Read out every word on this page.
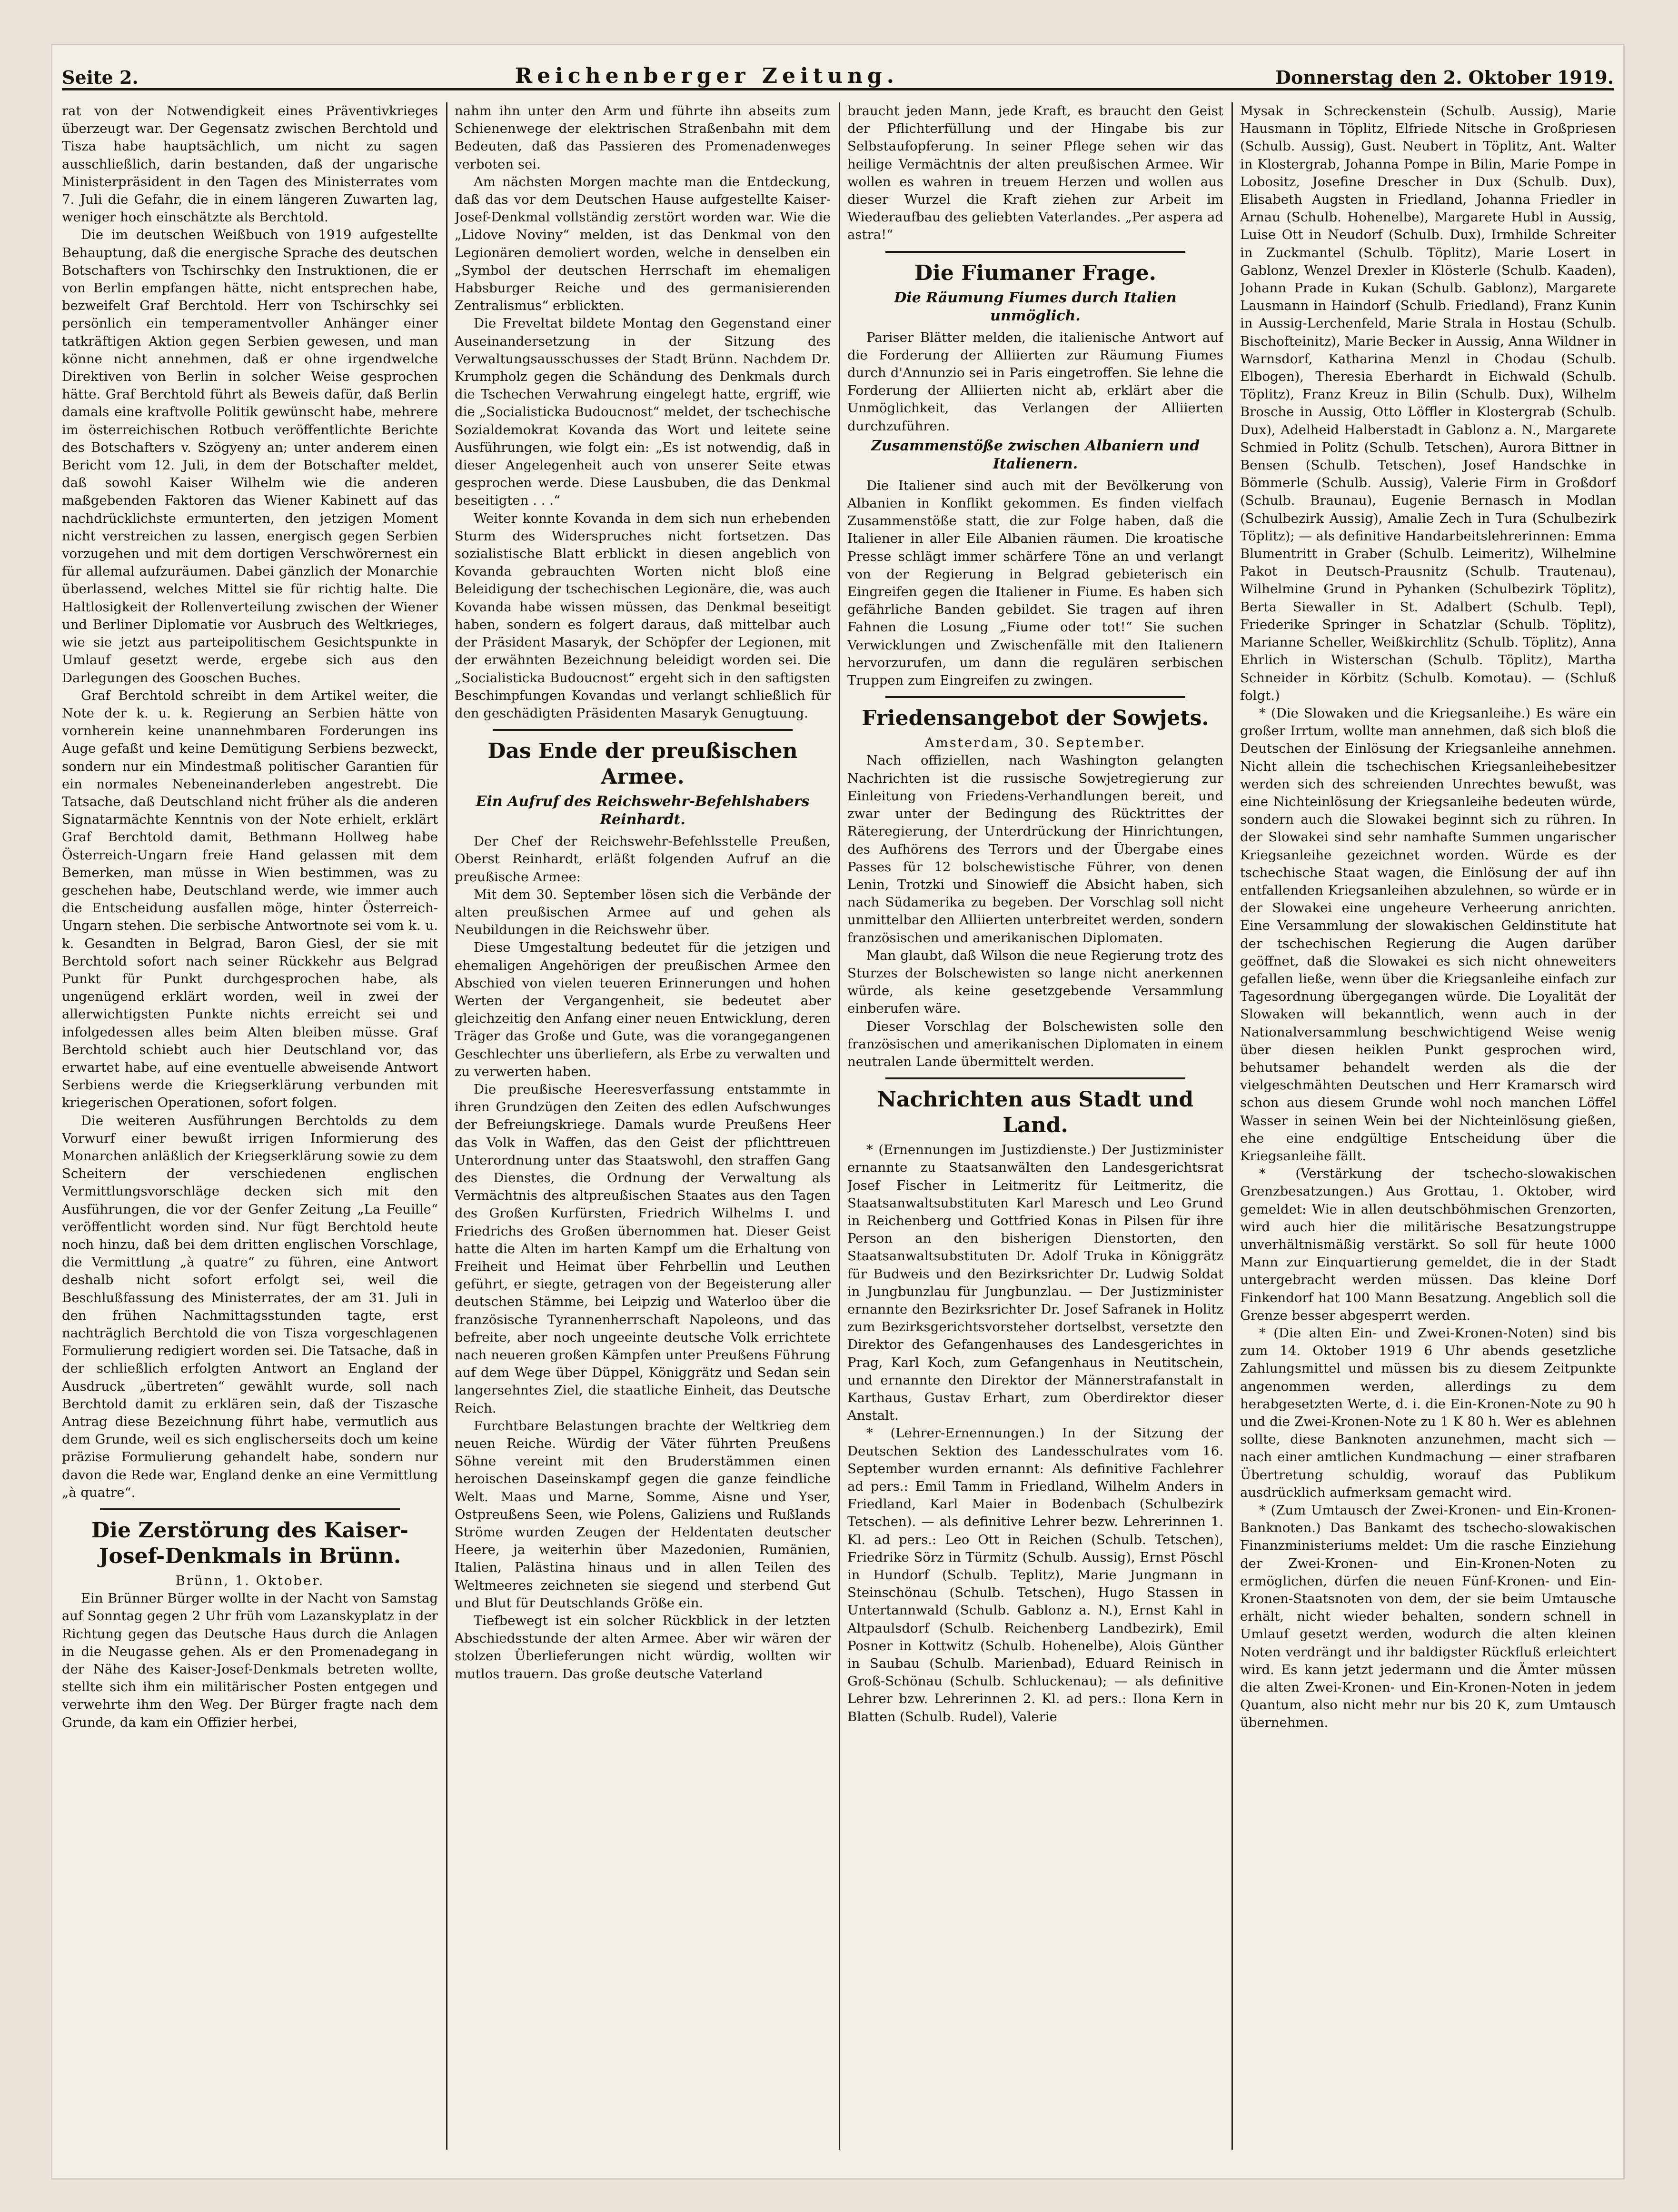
Seite 2.	Reichenberger Zeitung.	Donnerstag den 2. Oktober 1919.

rat von der Notwendigkeit eines Präventivkrieges überzeugt war. Der Gegensatz zwischen Berchtold und Tisza habe hauptsächlich, um nicht zu sagen ausschließlich, darin bestanden, daß der ungarische Ministerpräsident in den Tagen des Ministerrates vom 7. Juli die Gefahr, die in einem längeren Zuwarten lag, weniger hoch einschätzte als Berchtold.

Die im deutschen Weißbuch von 1919 aufgestellte Behauptung, daß die energische Sprache des deutschen Botschafters von Tschirschky den Instruktionen, die er von Berlin empfangen hätte, nicht entsprechen habe, bezweifelt Graf Berchtold. Herr von Tschirschky sei persönlich ein temperamentvoller Anhänger einer tatkräftigen Aktion gegen Serbien gewesen, und man könne nicht annehmen, daß er ohne irgendwelche Direktiven von Berlin in solcher Weise gesprochen hätte. Graf Berchtold führt als Beweis dafür, daß Berlin damals eine kraftvolle Politik gewünscht habe, mehrere im österreichischen Rotbuch veröffentlichte Berichte des Botschafters v. Szögyeny an; unter anderem einen Bericht vom 12. Juli, in dem der Botschafter meldet, daß sowohl Kaiser Wilhelm wie die anderen maßgebenden Faktoren das Wiener Kabinett auf das nachdrücklichste ermunterten, den jetzigen Moment nicht verstreichen zu lassen, energisch gegen Serbien vorzugehen und mit dem dortigen Verschwörernest ein für allemal aufzuräumen. Dabei gänzlich der Monarchie überlassend, welches Mittel sie für richtig halte. Die Haltlosigkeit der Rollenverteilung zwischen der Wiener und Berliner Diplomatie vor Ausbruch des Weltkrieges, wie sie jetzt aus parteipolitischem Gesichtspunkte in Umlauf gesetzt werde, ergebe sich aus den Darlegungen des Gooschen Buches.

Graf Berchtold schreibt in dem Artikel weiter, die Note der k. u. k. Regierung an Serbien hätte von vornherein keine unannehmbaren Forderungen ins Auge gefaßt und keine Demütigung Serbiens bezweckt, sondern nur ein Mindestmaß politischer Garantien für ein normales Nebeneinanderleben angestrebt. Die Tatsache, daß Deutschland nicht früher als die anderen Signatarmächte Kenntnis von der Note erhielt, erklärt Graf Berchtold damit, Bethmann Hollweg habe Österreich-Ungarn freie Hand gelassen mit dem Bemerken, man müsse in Wien bestimmen, was zu geschehen habe, Deutschland werde, wie immer auch die Entscheidung ausfallen möge, hinter Österreich-Ungarn stehen. Die serbische Antwortnote sei vom k. u. k. Gesandten in Belgrad, Baron Giesl, der sie mit Berchtold sofort nach seiner Rückkehr aus Belgrad Punkt für Punkt durchgesprochen habe, als ungenügend erklärt worden, weil in zwei der allerwichtigsten Punkte nichts erreicht sei und infolgedessen alles beim Alten bleiben müsse. Graf Berchtold schiebt auch hier Deutschland vor, das erwartet habe, auf eine eventuelle abweisende Antwort Serbiens werde die Kriegserklärung verbunden mit kriegerischen Operationen, sofort folgen.

Die weiteren Ausführungen Berchtolds zu dem Vorwurf einer bewußt irrigen Informierung des Monarchen anläßlich der Kriegserklärung sowie zu dem Scheitern der verschiedenen englischen Vermittlungsvorschläge decken sich mit den Ausführungen, die vor der Genfer Zeitung „La Feuille“ veröffentlicht worden sind. Nur fügt Berchtold heute noch hinzu, daß bei dem dritten englischen Vorschlage, die Vermittlung „à quatre“ zu führen, eine Antwort deshalb nicht sofort erfolgt sei, weil die Beschlußfassung des Ministerrates, der am 31. Juli in den frühen Nachmittagsstunden tagte, erst nachträglich Berchtold die von Tisza vorgeschlagenen Formulierung redigiert worden sei. Die Tatsache, daß in der schließlich erfolgten Antwort an England der Ausdruck „übertreten“ gewählt wurde, soll nach Berchtold damit zu erklären sein, daß der Tiszasche Antrag diese Bezeichnung führt habe, vermutlich aus dem Grunde, weil es sich englischerseits doch um keine präzise Formulierung gehandelt habe, sondern nur davon die Rede war, England denke an eine Vermittlung „à quatre“.

Die Zerstörung des Kaiser-Josef-Denkmals in Brünn.

Brünn, 1. Oktober.

Ein Brünner Bürger wollte in der Nacht von Samstag auf Sonntag gegen 2 Uhr früh vom Lazanskyplatz in der Richtung gegen das Deutsche Haus durch die Anlagen in die Neugasse gehen. Als er den Promenadegang in der Nähe des Kaiser-Josef-Denkmals betreten wollte, stellte sich ihm ein militärischer Posten entgegen und verwehrte ihm den Weg. Der Bürger fragte nach dem Grunde, da kam ein Offizier herbei,

nahm ihn unter den Arm und führte ihn abseits zum Schienenwege der elektrischen Straßenbahn mit dem Bedeuten, daß das Passieren des Promenadenweges verboten sei.

Am nächsten Morgen machte man die Entdeckung, daß das vor dem Deutschen Hause aufgestellte Kaiser-Josef-Denkmal vollständig zerstört worden war. Wie die „Lidove Noviny“ melden, ist das Denkmal von den Legionären demoliert worden, welche in denselben ein „Symbol der deutschen Herrschaft im ehemaligen Habsburger Reiche und des germanisierenden Zentralismus“ erblickten.

Die Freveltat bildete Montag den Gegenstand einer Auseinandersetzung in der Sitzung des Verwaltungsausschusses der Stadt Brünn. Nachdem Dr. Krumpholz gegen die Schändung des Denkmals durch die Tschechen Verwahrung eingelegt hatte, ergriff, wie die „Socialisticka Budoucnost“ meldet, der tschechische Sozialdemokrat Kovanda das Wort und leitete seine Ausführungen, wie folgt ein: „Es ist notwendig, daß in dieser Angelegenheit auch von unserer Seite etwas gesprochen werde. Diese Lausbuben, die das Denkmal beseitigten . . .“

Weiter konnte Kovanda in dem sich nun erhebenden Sturm des Widerspruches nicht fortsetzen. Das sozialistische Blatt erblickt in diesen angeblich von Kovanda gebrauchten Worten nicht bloß eine Beleidigung der tschechischen Legionäre, die, was auch Kovanda habe wissen müssen, das Denkmal beseitigt haben, sondern es folgert daraus, daß mittelbar auch der Präsident Masaryk, der Schöpfer der Legionen, mit der erwähnten Bezeichnung beleidigt worden sei. Die „Socialisticka Budoucnost“ ergeht sich in den saftigsten Beschimpfungen Kovandas und verlangt schließlich für den geschädigten Präsidenten Masaryk Genugtuung.

Das Ende der preußischen Armee.
Ein Aufruf des Reichswehr-Befehlshabers Reinhardt.

Der Chef der Reichswehr-Befehlsstelle Preußen, Oberst Reinhardt, erläßt folgenden Aufruf an die preußische Armee:

Mit dem 30. September lösen sich die Verbände der alten preußischen Armee auf und gehen als Neubildungen in die Reichswehr über.

Diese Umgestaltung bedeutet für die jetzigen und ehemaligen Angehörigen der preußischen Armee den Abschied von vielen teueren Erinnerungen und hohen Werten der Vergangenheit, sie bedeutet aber gleichzeitig den Anfang einer neuen Entwicklung, deren Träger das Große und Gute, was die vorangegangenen Geschlechter uns überliefern, als Erbe zu verwalten und zu verwerten haben.

Die preußische Heeresverfassung entstammte in ihren Grundzügen den Zeiten des edlen Aufschwunges der Befreiungskriege. Damals wurde Preußens Heer das Volk in Waffen, das den Geist der pflichttreuen Unterordnung unter das Staatswohl, den straffen Gang des Dienstes, die Ordnung der Verwaltung als Vermächtnis des altpreußischen Staates aus den Tagen des Großen Kurfürsten, Friedrich Wilhelms I. und Friedrichs des Großen übernommen hat. Dieser Geist hatte die Alten im harten Kampf um die Erhaltung von Freiheit und Heimat über Fehrbellin und Leuthen geführt, er siegte, getragen von der Begeisterung aller deutschen Stämme, bei Leipzig und Waterloo über die französische Tyrannenherrschaft Napoleons, und das befreite, aber noch ungeeinte deutsche Volk errichtete nach neueren großen Kämpfen unter Preußens Führung auf dem Wege über Düppel, Königgrätz und Sedan sein langersehntes Ziel, die staatliche Einheit, das Deutsche Reich.

Furchtbare Belastungen brachte der Weltkrieg dem neuen Reiche. Würdig der Väter führten Preußens Söhne vereint mit den Bruderstämmen einen heroischen Daseinskampf gegen die ganze feindliche Welt. Maas und Marne, Somme, Aisne und Yser, Ostpreußens Seen, wie Polens, Galiziens und Rußlands Ströme wurden Zeugen der Heldentaten deutscher Heere, ja weiterhin über Mazedonien, Rumänien, Italien, Palästina hinaus und in allen Teilen des Weltmeeres zeichneten sie siegend und sterbend Gut und Blut für Deutschlands Größe ein.

Tiefbewegt ist ein solcher Rückblick in der letzten Abschiedsstunde der alten Armee. Aber wir wären der stolzen Überlieferungen nicht würdig, wollten wir mutlos trauern. Das große deutsche Vaterland

braucht jeden Mann, jede Kraft, es braucht den Geist der Pflichterfüllung und der Hingabe bis zur Selbstaufopferung. In seiner Pflege sehen wir das heilige Vermächtnis der alten preußischen Armee. Wir wollen es wahren in treuem Herzen und wollen aus dieser Wurzel die Kraft ziehen zur Arbeit im Wiederaufbau des geliebten Vaterlandes. „Per aspera ad astra!“

Die Fiumaner Frage.
Die Räumung Fiumes durch Italien unmöglich.

Pariser Blätter melden, die italienische Antwort auf die Forderung der Alliierten zur Räumung Fiumes durch d'Annunzio sei in Paris eingetroffen. Sie lehne die Forderung der Alliierten nicht ab, erklärt aber die Unmöglichkeit, das Verlangen der Alliierten durchzuführen.

Zusammenstöße zwischen Albaniern und Italienern.

Die Italiener sind auch mit der Bevölkerung von Albanien in Konflikt gekommen. Es finden vielfach Zusammenstöße statt, die zur Folge haben, daß die Italiener in aller Eile Albanien räumen. Die kroatische Presse schlägt immer schärfere Töne an und verlangt von der Regierung in Belgrad gebieterisch ein Eingreifen gegen die Italiener in Fiume. Es haben sich gefährliche Banden gebildet. Sie tragen auf ihren Fahnen die Losung „Fiume oder tot!“ Sie suchen Verwicklungen und Zwischenfälle mit den Italienern hervorzurufen, um dann die regulären serbischen Truppen zum Eingreifen zu zwingen.

Friedensangebot der Sowjets.

Amsterdam, 30. September.

Nach offiziellen, nach Washington gelangten Nachrichten ist die russische Sowjetregierung zur Einleitung von Friedens-Verhandlungen bereit, und zwar unter der Bedingung des Rücktrittes der Räteregierung, der Unterdrückung der Hinrichtungen, des Aufhörens des Terrors und der Übergabe eines Passes für 12 bolschewistische Führer, von denen Lenin, Trotzki und Sinowieff die Absicht haben, sich nach Südamerika zu begeben. Der Vorschlag soll nicht unmittelbar den Alliierten unterbreitet werden, sondern französischen und amerikanischen Diplomaten.

Man glaubt, daß Wilson die neue Regierung trotz des Sturzes der Bolschewisten so lange nicht anerkennen würde, als keine gesetzgebende Versammlung einberufen wäre.

Dieser Vorschlag der Bolschewisten solle den französischen und amerikanischen Diplomaten in einem neutralen Lande übermittelt werden.

Nachrichten aus Stadt und Land.

* (Ernennungen im Justizdienste.) Der Justizminister ernannte zu Staatsanwälten den Landesgerichtsrat Josef Fischer in Leitmeritz für Leitmeritz, die Staatsanwaltsubstituten Karl Maresch und Leo Grund in Reichenberg und Gottfried Konas in Pilsen für ihre Person an den bisherigen Dienstorten, den Staatsanwaltsubstituten Dr. Adolf Truka in Königgrätz für Budweis und den Bezirksrichter Dr. Ludwig Soldat in Jungbunzlau für Jungbunzlau. — Der Justizminister ernannte den Bezirksrichter Dr. Josef Safranek in Holitz zum Bezirksgerichtsvorsteher dortselbst, versetzte den Direktor des Gefangenhauses des Landesgerichtes in Prag, Karl Koch, zum Gefangenhaus in Neutitschein, und ernannte den Direktor der Männerstrafanstalt in Karthaus, Gustav Erhart, zum Oberdirektor dieser Anstalt.

* (Lehrer-Ernennungen.) In der Sitzung der Deutschen Sektion des Landesschulrates vom 16. September wurden ernannt: Als definitive Fachlehrer ad pers.: Emil Tamm in Friedland, Wilhelm Anders in Friedland, Karl Maier in Bodenbach (Schulbezirk Tetschen). — als definitive Lehrer bezw. Lehrerinnen 1. Kl. ad pers.: Leo Ott in Reichen (Schulb. Tetschen), Friedrike Sörz in Türmitz (Schulb. Aussig), Ernst Pöschl in Hundorf (Schulb. Teplitz), Marie Jungmann in Steinschönau (Schulb. Tetschen), Hugo Stassen in Untertannwald (Schulb. Gablonz a. N.), Ernst Kahl in Altpaulsdorf (Schulb. Reichenberg Landbezirk), Emil Posner in Kottwitz (Schulb. Hohenelbe), Alois Günther in Saubau (Schulb. Marienbad), Eduard Reinisch in Groß-Schönau (Schulb. Schluckenau); — als definitive Lehrer bzw. Lehrerinnen 2. Kl. ad pers.: Ilona Kern in Blatten (Schulb. Rudel), Valerie

Mysak in Schreckenstein (Schulb. Aussig), Marie Hausmann in Töplitz, Elfriede Nitsche in Großpriesen (Schulb. Aussig), Gust. Neubert in Töplitz, Ant. Walter in Klostergrab, Johanna Pompe in Bilin, Marie Pompe in Lobositz, Josefine Drescher in Dux (Schulb. Dux), Elisabeth Augsten in Friedland, Johanna Friedler in Arnau (Schulb. Hohenelbe), Margarete Hubl in Aussig, Luise Ott in Neudorf (Schulb. Dux), Irmhilde Schreiter in Zuckmantel (Schulb. Töplitz), Marie Losert in Gablonz, Wenzel Drexler in Klösterle (Schulb. Kaaden), Johann Prade in Kukan (Schulb. Gablonz), Margarete Lausmann in Haindorf (Schulb. Friedland), Franz Kunin in Aussig-Lerchenfeld, Marie Strala in Hostau (Schulb. Bischofteinitz), Marie Becker in Aussig, Anna Wildner in Warnsdorf, Katharina Menzl in Chodau (Schulb. Elbogen), Theresia Eberhardt in Eichwald (Schulb. Töplitz), Franz Kreuz in Bilin (Schulb. Dux), Wilhelm Brosche in Aussig, Otto Löffler in Klostergrab (Schulb. Dux), Adelheid Halberstadt in Gablonz a. N., Margarete Schmied in Politz (Schulb. Tetschen), Aurora Bittner in Bensen (Schulb. Tetschen), Josef Handschke in Bömmerle (Schulb. Aussig), Valerie Firm in Großdorf (Schulb. Braunau), Eugenie Bernasch in Modlan (Schulbezirk Aussig), Amalie Zech in Tura (Schulbezirk Töplitz); — als definitive Handarbeitslehrerinnen: Emma Blumentritt in Graber (Schulb. Leimeritz), Wilhelmine Pakot in Deutsch-Prausnitz (Schulb. Trautenau), Wilhelmine Grund in Pyhanken (Schulbezirk Töplitz), Berta Siewaller in St. Adalbert (Schulb. Tepl), Friederike Springer in Schatzlar (Schulb. Töplitz), Marianne Scheller, Weißkirchlitz (Schulb. Töplitz), Anna Ehrlich in Wisterschan (Schulb. Töplitz), Martha Schneider in Körbitz (Schulb. Komotau). — (Schluß folgt.)

* (Die Slowaken und die Kriegsanleihe.) Es wäre ein großer Irrtum, wollte man annehmen, daß sich bloß die Deutschen der Einlösung der Kriegsanleihe annehmen. Nicht allein die tschechischen Kriegsanleihebesitzer werden sich des schreienden Unrechtes bewußt, was eine Nichteinlösung der Kriegsanleihe bedeuten würde, sondern auch die Slowakei beginnt sich zu rühren. In der Slowakei sind sehr namhafte Summen ungarischer Kriegsanleihe gezeichnet worden. Würde es der tschechische Staat wagen, die Einlösung der auf ihn entfallenden Kriegsanleihen abzulehnen, so würde er in der Slowakei eine ungeheure Verheerung anrichten. Eine Versammlung der slowakischen Geldinstitute hat der tschechischen Regierung die Augen darüber geöffnet, daß die Slowakei es sich nicht ohneweiters gefallen ließe, wenn über die Kriegsanleihe einfach zur Tagesordnung übergegangen würde. Die Loyalität der Slowaken will bekanntlich, wenn auch in der Nationalversammlung beschwichtigend Weise wenig über diesen heiklen Punkt gesprochen wird, behutsamer behandelt werden als die der vielgeschmähten Deutschen und Herr Kramarsch wird schon aus diesem Grunde wohl noch manchen Löffel Wasser in seinen Wein bei der Nichteinlösung gießen, ehe eine endgültige Entscheidung über die Kriegsanleihe fällt.

* (Verstärkung der tschecho-slowakischen Grenzbesatzungen.) Aus Grottau, 1. Oktober, wird gemeldet: Wie in allen deutschböhmischen Grenzorten, wird auch hier die militärische Besatzungstruppe unverhältnismäßig verstärkt. So soll für heute 1000 Mann zur Einquartierung gemeldet, die in der Stadt untergebracht werden müssen. Das kleine Dorf Finkendorf hat 100 Mann Besatzung. Angeblich soll die Grenze besser abgesperrt werden.

* (Die alten Ein- und Zwei-Kronen-Noten) sind bis zum 14. Oktober 1919 6 Uhr abends gesetzliche Zahlungsmittel und müssen bis zu diesem Zeitpunkte angenommen werden, allerdings zu dem herabgesetzten Werte, d. i. die Ein-Kronen-Note zu 90 h und die Zwei-Kronen-Note zu 1 K 80 h. Wer es ablehnen sollte, diese Banknoten anzunehmen, macht sich — nach einer amtlichen Kundmachung — einer strafbaren Übertretung schuldig, worauf das Publikum ausdrücklich aufmerksam gemacht wird.

* (Zum Umtausch der Zwei-Kronen- und Ein-Kronen-Banknoten.) Das Bankamt des tschecho-slowakischen Finanzministeriums meldet: Um die rasche Einziehung der Zwei-Kronen- und Ein-Kronen-Noten zu ermöglichen, dürfen die neuen Fünf-Kronen- und Ein-Kronen-Staatsnoten von dem, der sie beim Umtausche erhält, nicht wieder behalten, sondern schnell in Umlauf gesetzt werden, wodurch die alten kleinen Noten verdrängt und ihr baldigster Rückfluß erleichtert wird. Es kann jetzt jedermann und die Ämter müssen die alten Zwei-Kronen- und Ein-Kronen-Noten in jedem Quantum, also nicht mehr nur bis 20 K, zum Umtausch übernehmen.
